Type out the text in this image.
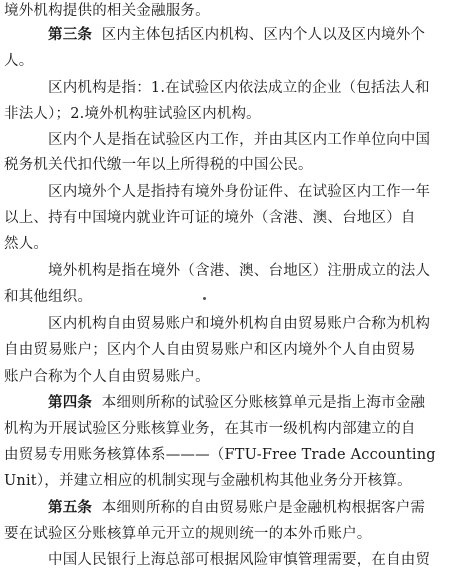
境外机构提供的相关金融服务。
第三条 区内主体包括区内机构、区内个人以及区内境外个
人。
区内机构是指：1.在试验区内依法成立的企业（包括法人和
非法人）；2.境外机构驻试验区内机构。
区内个人是指在试验区内工作，并由其区内工作单位向中国
税务机关代扣代缴一年以上所得税的中国公民。
区内境外个人是指持有境外身份证件、在试验区内工作一年
以上、持有中国境内就业许可证的境外（含港、澳、台地区）自
然人。
境外机构是指在境外（含港、澳、台地区）注册成立的法人
和其他组织。
区内机构自由贸易账户和境外机构自由贸易账户合称为机构
自由贸易账户；区内个人自由贸易账户和区内境外个人自由贸易
账户合称为个人自由贸易账户。
第四条 本细则所称的试验区分账核算单元是指上海市金融
机构为开展试验区分账核算业务，在其市一级机构内部建立的自
由贸易专用账务核算体系———（FTU-Free Trade Accounting
Unit），并建立相应的机制实现与金融机构其他业务分开核算。
第五条 本细则所称的自由贸易账户是金融机构根据客户需
要在试验区分账核算单元开立的规则统一的本外币账户。
中国人民银行上海总部可根据风险审慎管理需要，在自由贸
